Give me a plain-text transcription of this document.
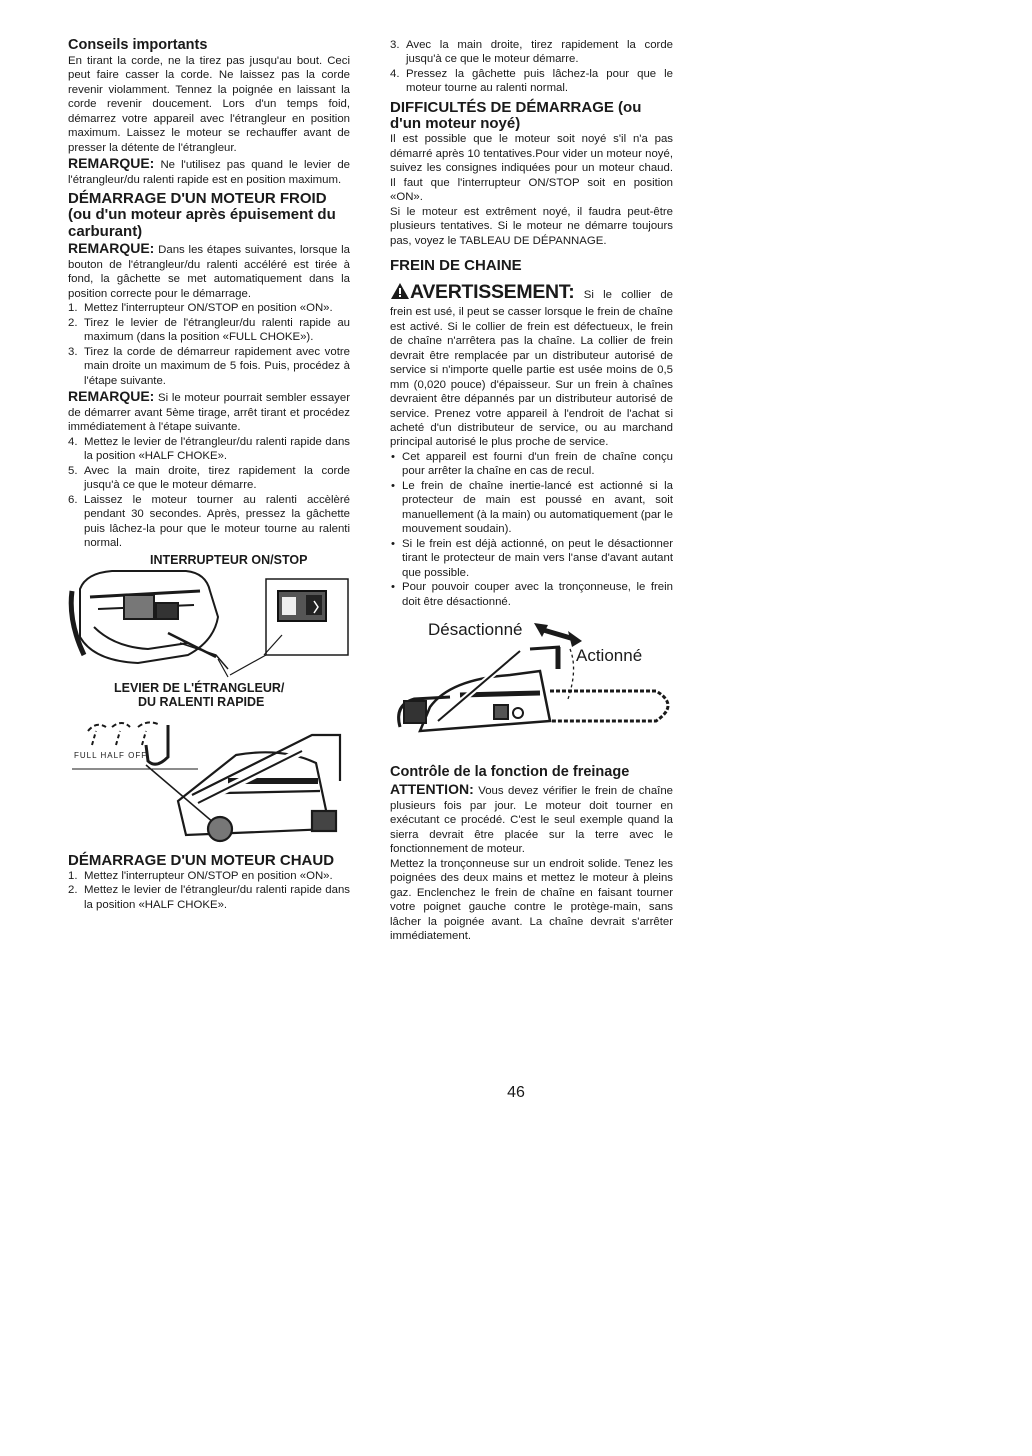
Conseils importants

En tirant la corde, ne la tirez pas jusqu'au bout. Ceci peut faire casser la corde. Ne laissez pas la corde revenir violamment. Tennez la poignée en laissant la corde revenir doucement. Lors d'un temps foid, démarrez votre appareil avec l'étrangleur en position maximum. Laissez le moteur se rechauffer avant de presser la détente de l'étrangleur.

REMARQUE: Ne l'utilisez pas quand le levier de l'étrangleur/du ralenti rapide est en position maximum.

DÉMARRAGE D'UN MOTEUR FROID (ou d'un moteur après épuisement du carburant)

REMARQUE: Dans les étapes suivantes, lorsque la bouton de l'étrangleur/du ralenti accéléré est tirée à fond, la gâchette se met automatiquement dans la position correcte pour le démarrage.

1. Mettez l'interrupteur ON/STOP en position «ON».
2. Tirez le levier de l'étrangleur/du ralenti rapide au maximum (dans la position «FULL CHOKE»).
3. Tirez la corde de démarreur rapidement avec votre main droite un maximum de 5 fois. Puis, procédez à l'étape suivante.

REMARQUE: Si le moteur pourrait sembler essayer de démarrer avant 5ème tirage, arrêt tirant et procédez immédiatement à l'étape suivante.

4. Mettez le levier de l'étrangleur/du ralenti rapide dans la position «HALF CHOKE».
5. Avec la main droite, tirez rapidement la corde jusqu'à ce que le moteur démarre.
6. Laissez le moteur tourner au ralenti accèlèré pendant 30 secondes. Après, pressez la gâchette puis lâchez-la pour que le moteur tourne au ralenti normal.
INTERRUPTEUR ON/STOP
LEVIER DE L'ÉTRANGLEUR/
DU RALENTI RAPIDE
FULL HALF OFF
DÉMARRAGE D'UN MOTEUR CHAUD
1. Mettez l'interrupteur ON/STOP en position «ON».
2. Mettez le levier de l'étrangleur/du ralenti rapide dans la position «HALF CHOKE».
3. Avec la main droite, tirez rapidement la corde jusqu'à ce que le moteur démarre.
4. Pressez la gâchette puis lâchez-la pour que le moteur tourne au ralenti normal.
DIFFICULTÉS DE DÉMARRAGE (ou d'un moteur noyé)

Il est possible que le moteur soit noyé s'il n'a pas démarré après 10 tentatives.Pour vider un moteur noyé, suivez les consignes indiquées pour un moteur chaud. Il faut que l'interrupteur ON/STOP soit en position «ON».

Si le moteur est extrêment noyé, il faudra peut-être plusieurs tentatives. Si le moteur ne démarre toujours pas, voyez le TABLEAU DE DÉPANNAGE.

FREIN DE CHAINE

AVERTISSEMENT: Si le collier de frein est usé, il peut se casser lorsque le frein de chaîne est activé. Si le collier de frein est défectueux, le frein de chaîne n'arrêtera pas la chaîne. La collier de frein devrait être remplacée par un distributeur autorisé de service si n'importe quelle partie est usée moins de 0,5 mm (0,020 pouce) d'épaisseur. Sur un frein à chaînes devraient être dépannés par un distributeur autorisé de service. Prenez votre appareil à l'endroit de l'achat si acheté d'un distributeur de service, ou au marchand principal autorisé le plus proche de service.

• Cet appareil est fourni d'un frein de chaîne conçu pour arrêter la chaîne en cas de recul.
• Le frein de chaîne inertie-lancé est actionné si la protecteur de main est poussé en avant, soit manuellement (à la main) ou automatiquement (par le mouvement soudain).
• Si le frein est déjà actionné, on peut le désactionner tirant le protecteur de main vers l'anse d'avant autant que possible.
• Pour pouvoir couper avec la tronçonneuse, le frein doit être désactionné.
Désactionné
Actionné
Contrôle de la fonction de freinage

ATTENTION: Vous devez vérifier le frein de chaîne plusieurs fois par jour. Le moteur doit tourner en exécutant ce procédé. C'est le seul exemple quand la sierra devrait être placée sur la terre avec le fonctionnement de moteur.

Mettez la tronçonneuse sur un endroit solide. Tenez les poignées des deux mains et mettez le moteur à pleins gaz. Enclenchez le frein de chaîne en faisant tourner votre poignet gauche contre le protège-main, sans lâcher la poignée avant. La chaîne devrait s'arrêter immédiatement.

46
